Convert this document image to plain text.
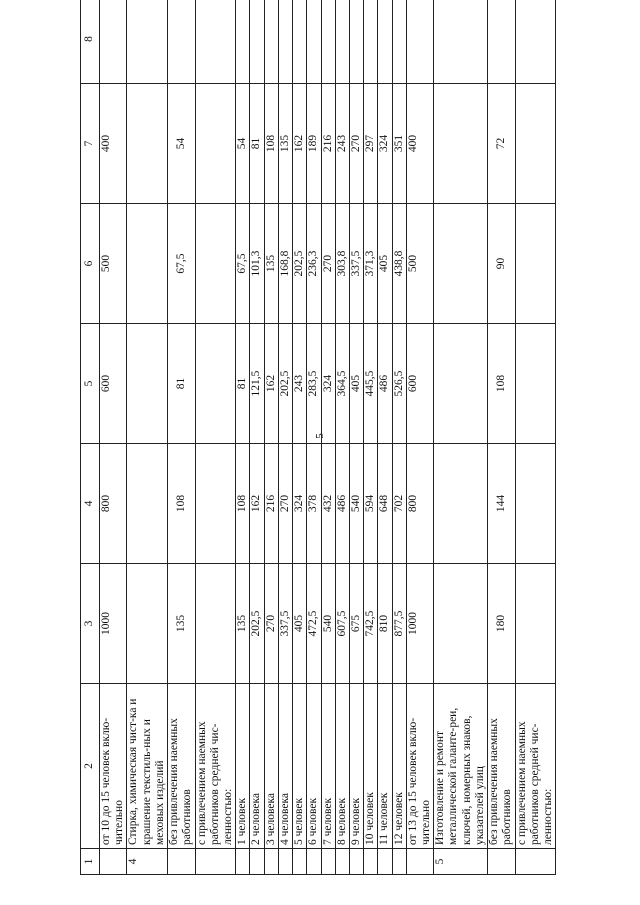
5
1	2	3	4	5	6	7	8
	от 10 до 15 человек вклю-чительно	1000	800	600	500	400	
4	Стирка, химическая чист-ка и крашение текстиль-ных и меховых изделий						
	без привлечения наемных работников	135	108	81	67,5	54	
	с привлечением наемных работников средней чис-ленностью:						
	1 человек	135	108	81	67,5	54	
	2 человека	202,5	162	121,5	101,3	81	
	3 человека	270	216	162	135	108	
	4 человека	337,5	270	202,5	168,8	135	
	5 человек	405	324	243	202,5	162	
	6 человек	472,5	378	283,5	236,3	189	
	7 человек	540	432	324	270	216	
	8 человек	607,5	486	364,5	303,8	243	
	9 человек	675	540	405	337,5	270	
	10 человек	742,5	594	445,5	371,3	297	
	11 человек	810	648	486	405	324	
	12 человек	877,5	702	526,5	438,8	351	
	от 13 до 15 человек вклю-чительно	1000	800	600	500	400	
5	Изготовление и ремонт металлической галанте-реи, ключей, номерных знаков, указателей улиц						
	без привлечения наемных работников	180	144	108	90	72	
	с привлечением наемных работников средней чис-ленностью:						
